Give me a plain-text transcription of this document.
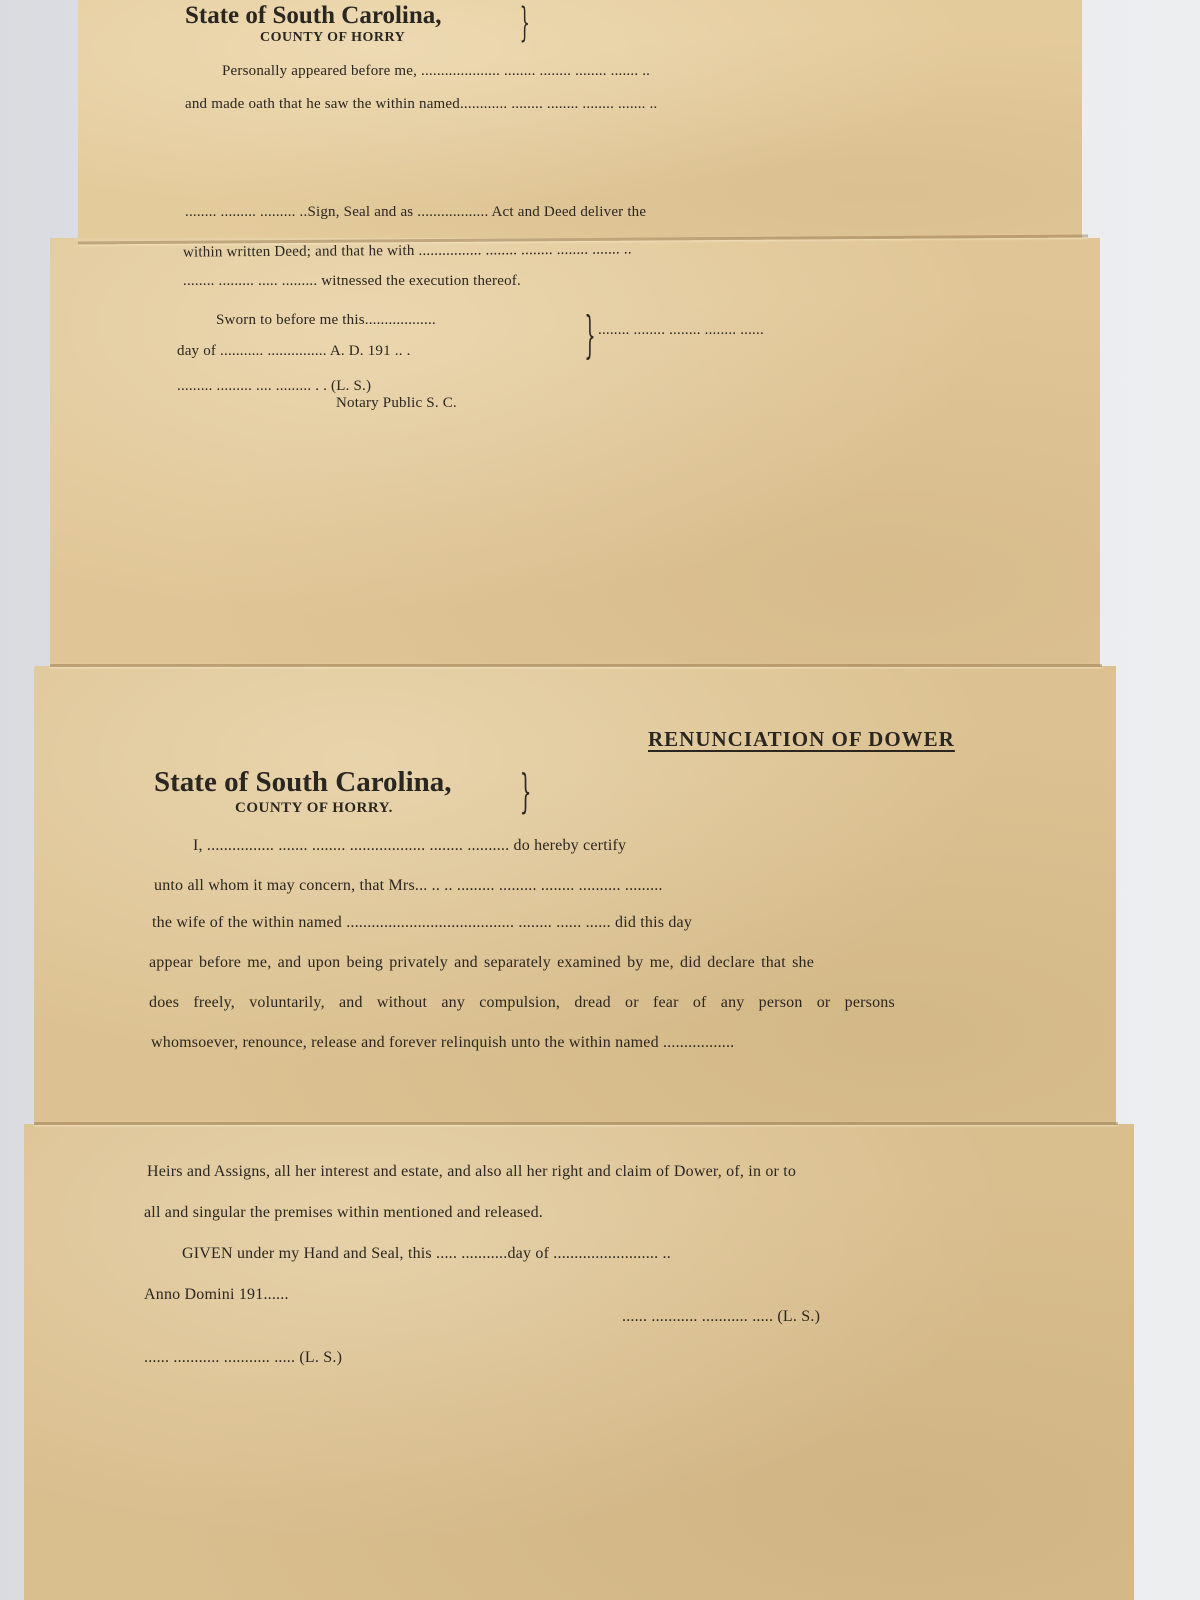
State of South Carolina, }
COUNTY OF HORRY
Personally appeared before me, .................... ........ ........ ........ ....... ..
and made oath that he saw the within named............ ........ ........ ........ ....... ..
........ ......... ......... ..Sign, Seal and as .................. Act and Deed deliver the
within written Deed; and that he with ................ ........ ........ ........ ....... ..
........ ......... ..... ......... witnessed the execution thereof.
Sworn to before me this..................	} ........ ........ ........ ........ ......
day of ........... ............... A. D. 191 .. .
......... ......... .... ......... . . (L. S.)
Notary Public S. C.
RENUNCIATION OF DOWER
State of South Carolina, }
COUNTY OF HORRY.
I, ................ ....... ........ .................. ........ .......... do hereby certify
unto all whom it may concern, that Mrs... .. .. ......... ......... ........ .......... .........
the wife of the within named ........................................ ........ ...... ...... did this day
appear before me, and upon being privately and separately examined by me, did declare that she
does freely, voluntarily, and without any compulsion, dread or fear of any person or persons
whomsoever, renounce, release and forever relinquish unto the within named .................
Heirs and Assigns, all her interest and estate, and also all her right and claim of Dower, of, in or to
all and singular the premises within mentioned and released.
GIVEN under my Hand and Seal, this ..... ...........day of ......................... ..
Anno Domini 191......
...... ........... ........... ..... (L. S.)
...... ........... ........... ..... (L. S.)
